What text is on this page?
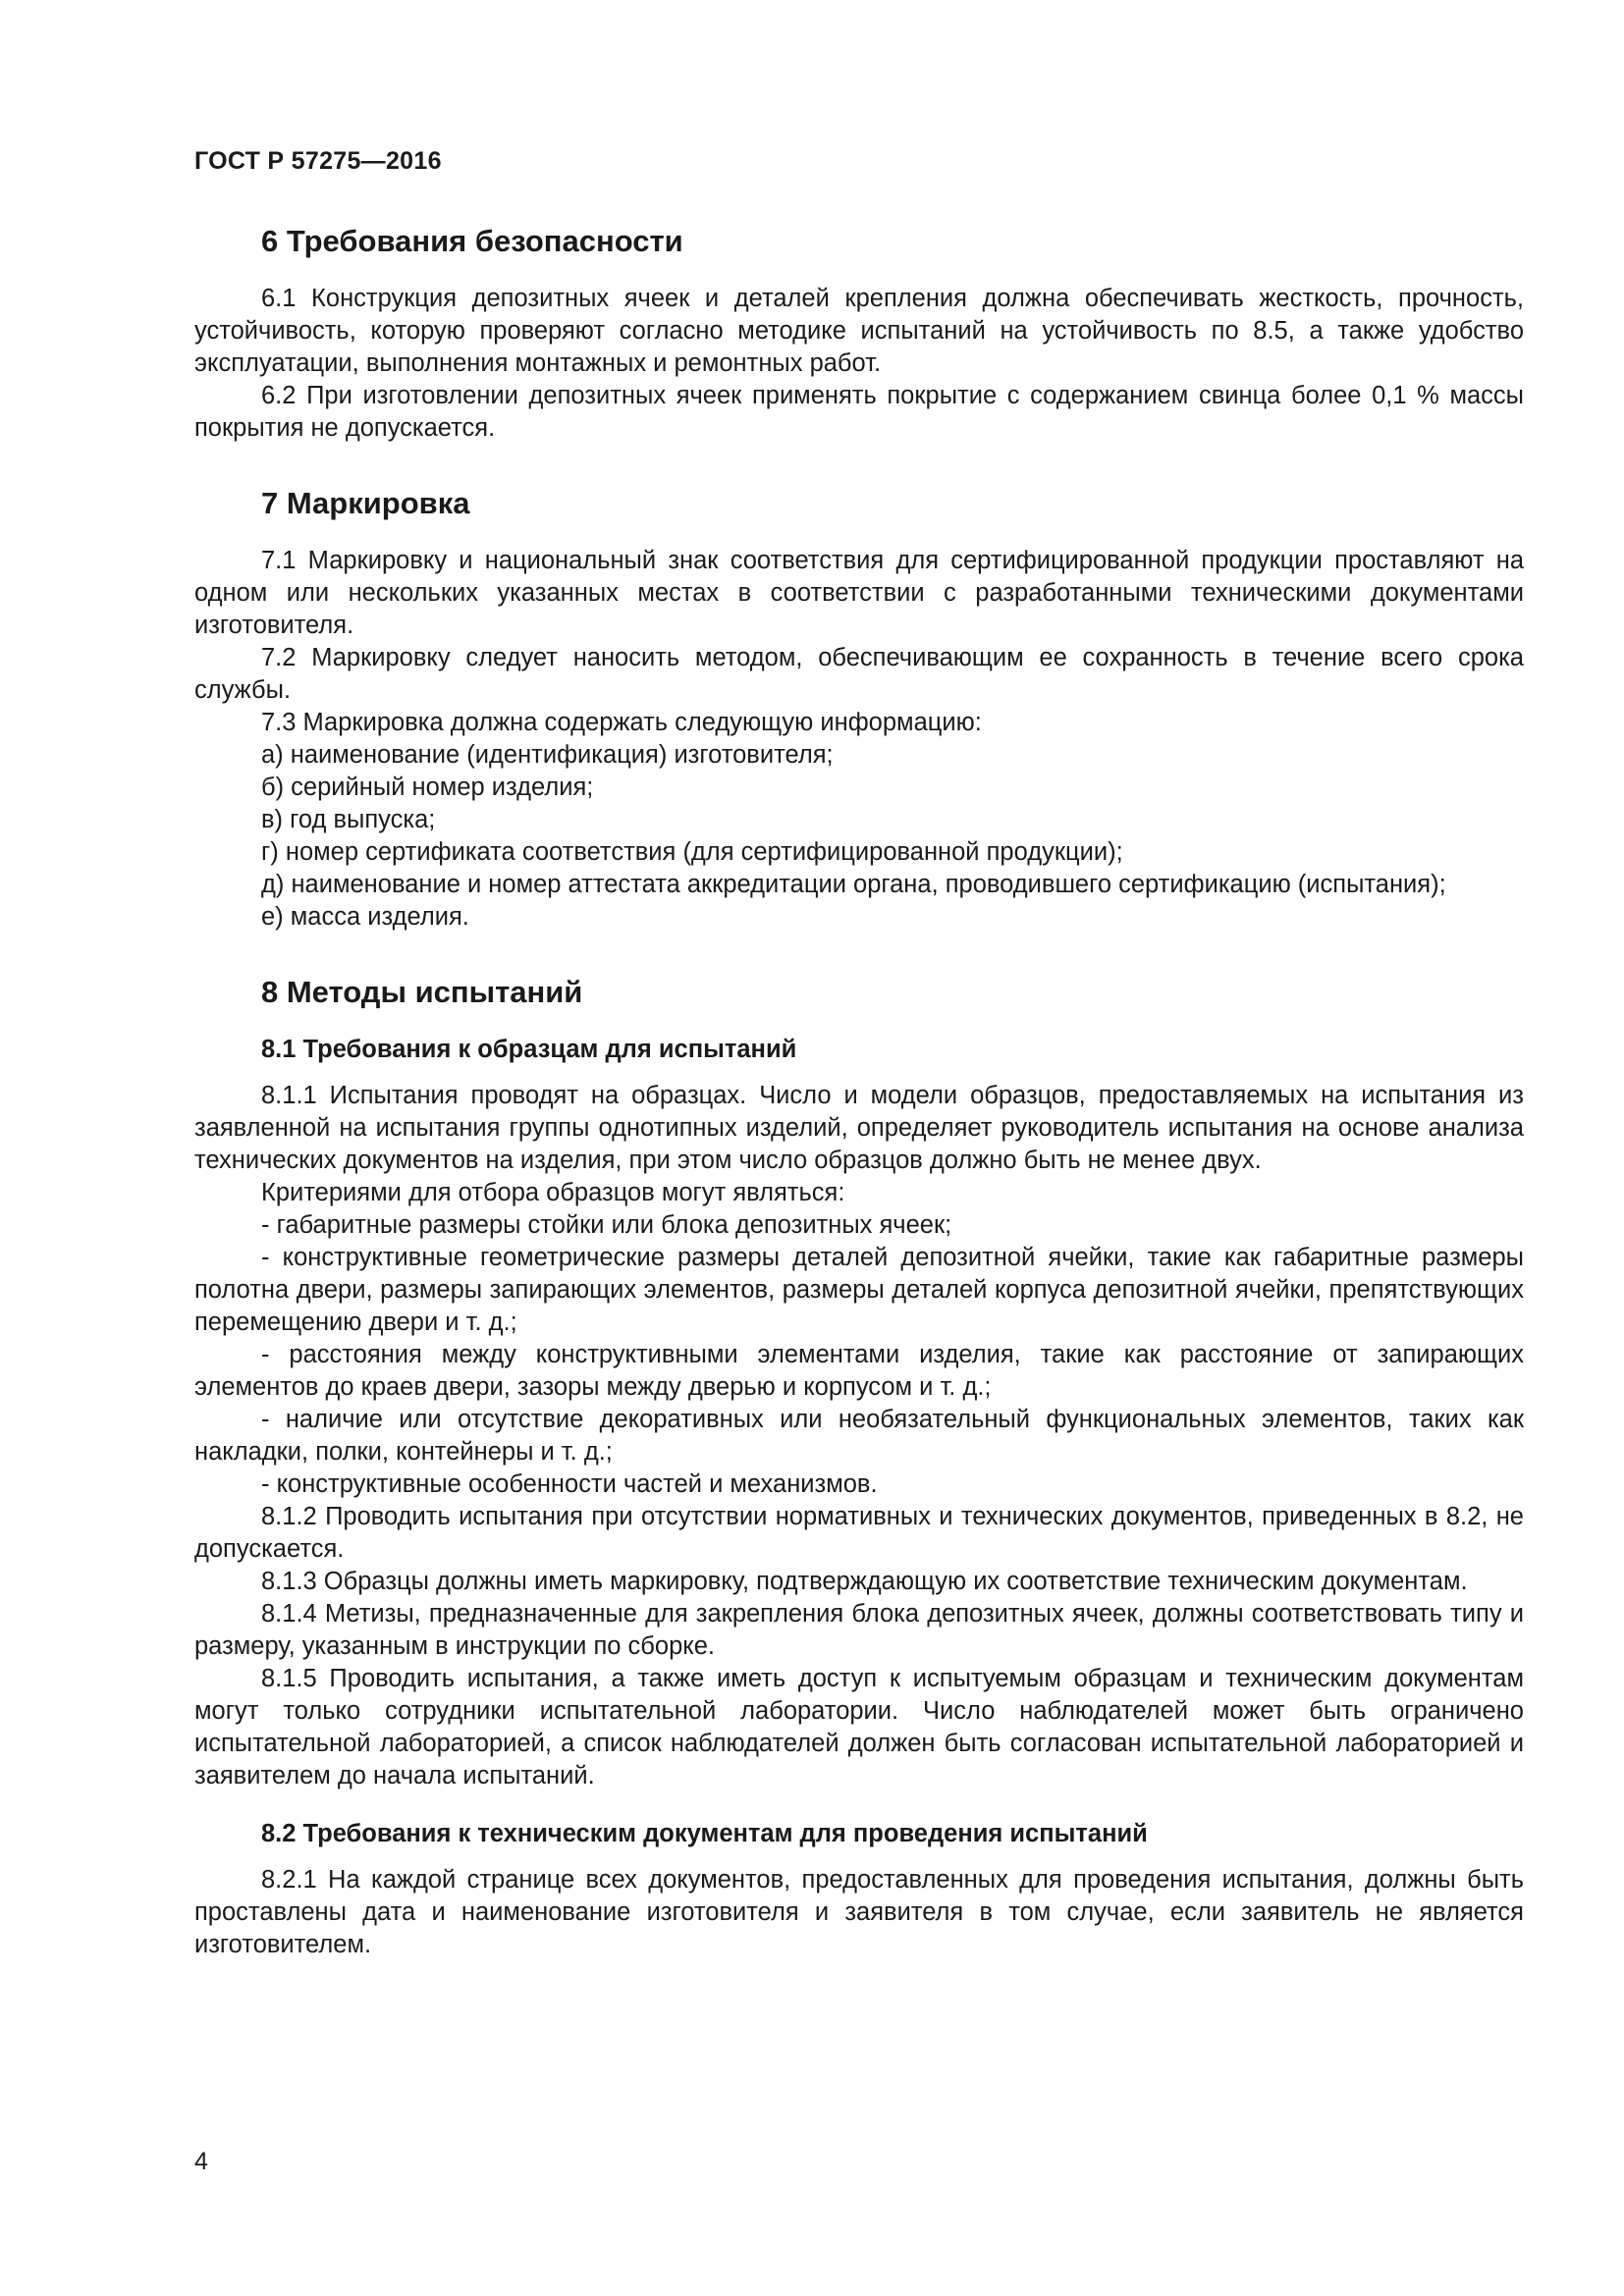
ГОСТ Р 57275—2016
6 Требования безопасности

6.1 Конструкция депозитных ячеек и деталей крепления должна обеспечивать жесткость, прочность, устойчивость, которую проверяют согласно методике испытаний на устойчивость по 8.5, а также удобство эксплуатации, выполнения монтажных и ремонтных работ.

6.2 При изготовлении депозитных ячеек применять покрытие с содержанием свинца более 0,1 % массы покрытия не допускается.

7 Маркировка

7.1 Маркировку и национальный знак соответствия для сертифицированной продукции проставляют на одном или нескольких указанных местах в соответствии с разработанными техническими документами изготовителя.

7.2 Маркировку следует наносить методом, обеспечивающим ее сохранность в течение всего срока службы.

7.3 Маркировка должна содержать следующую информацию:

а) наименование (идентификация) изготовителя;

б) серийный номер изделия;

в) год выпуска;

г) номер сертификата соответствия (для сертифицированной продукции);

д) наименование и номер аттестата аккредитации органа, проводившего сертификацию (испытания);

е) масса изделия.

8 Методы испытаний
8.1 Требования к образцам для испытаний

8.1.1 Испытания проводят на образцах. Число и модели образцов, предоставляемых на испытания из заявленной на испытания группы однотипных изделий, определяет руководитель испытания на основе анализа технических документов на изделия, при этом число образцов должно быть не менее двух.

Критериями для отбора образцов могут являться:

- габаритные размеры стойки или блока депозитных ячеек;

- конструктивные геометрические размеры деталей депозитной ячейки, такие как габаритные размеры полотна двери, размеры запирающих элементов, размеры деталей корпуса депозитной ячейки, препятствующих перемещению двери и т. д.;

- расстояния между конструктивными элементами изделия, такие как расстояние от запирающих элементов до краев двери, зазоры между дверью и корпусом и т. д.;

- наличие или отсутствие декоративных или необязательный функциональных элементов, таких как накладки, полки, контейнеры и т. д.;

- конструктивные особенности частей и механизмов.

8.1.2 Проводить испытания при отсутствии нормативных и технических документов, приведенных в 8.2, не допускается.

8.1.3 Образцы должны иметь маркировку, подтверждающую их соответствие техническим документам.

8.1.4 Метизы, предназначенные для закрепления блока депозитных ячеек, должны соответствовать типу и размеру, указанным в инструкции по сборке.

8.1.5 Проводить испытания, а также иметь доступ к испытуемым образцам и техническим документам могут только сотрудники испытательной лаборатории. Число наблюдателей может быть ограничено испытательной лабораторией, а список наблюдателей должен быть согласован испытательной лабораторией и заявителем до начала испытаний.

8.2 Требования к техническим документам для проведения испытаний

8.2.1 На каждой странице всех документов, предоставленных для проведения испытания, должны быть проставлены дата и наименование изготовителя и заявителя в том случае, если заявитель не является изготовителем.

4
